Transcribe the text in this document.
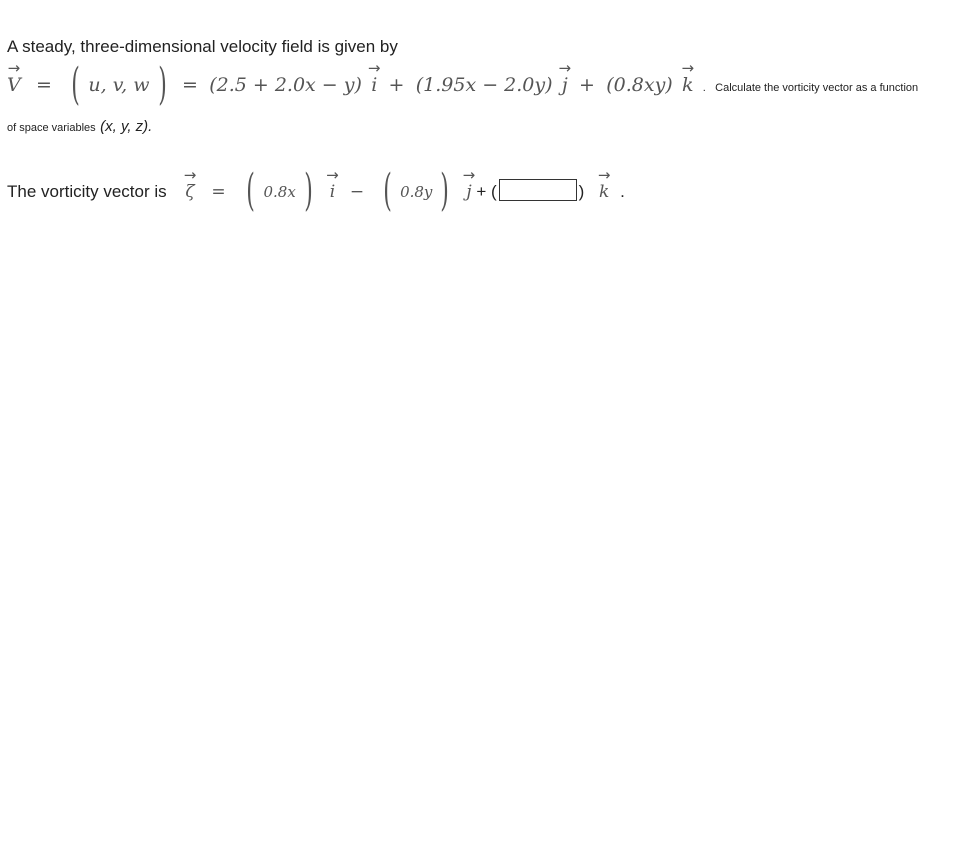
A steady, three-dimensional velocity field is given by
→
V = ( u, v, w ) = (2.5 + 2.0x − y)
→
i + (1.95x − 2.0y)
→
j + (0.8xy)
→
k . Calculate the vorticity vector as a function
of space variables (x, y, z).
The vorticity vector is
→
ζ = ( 0.8x ) →
i − ( 0.8y ) →
j + (	)
→
k .
